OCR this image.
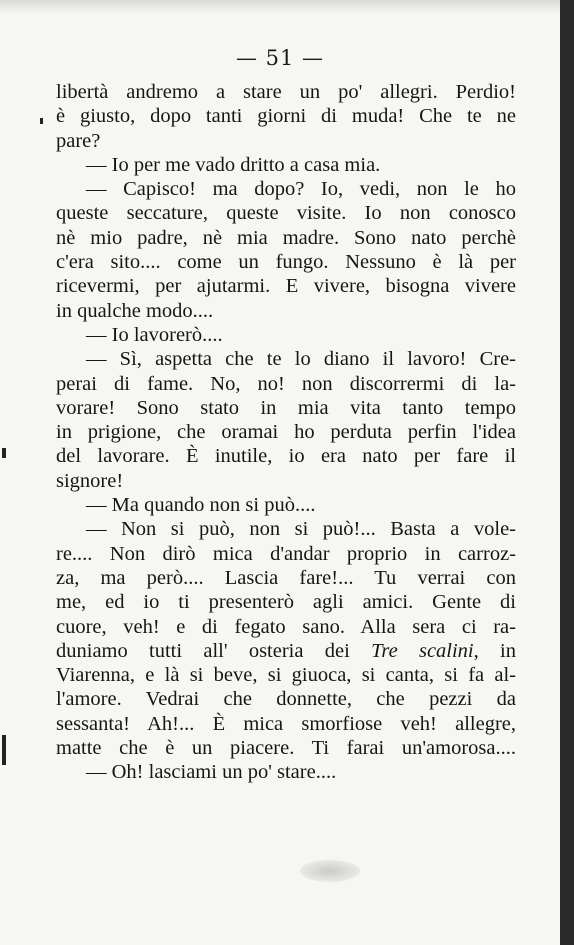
— 51 —
libertà andremo a stare un po' allegri. Perdio!
è giusto, dopo tanti giorni di muda! Che te ne
pare?
— Io per me vado dritto a casa mia.
— Capisco! ma dopo? Io, vedi, non le ho
queste seccature, queste visite. Io non conosco
nè mio padre, nè mia madre. Sono nato perchè
c'era sito.... come un fungo. Nessuno è là per
ricevermi, per ajutarmi. E vivere, bisogna vivere
in qualche modo....
— Io lavorerò....
— Sì, aspetta che te lo diano il lavoro! Cre-
perai di fame. No, no! non discorrermi di la-
vorare! Sono stato in mia vita tanto tempo
in prigione, che oramai ho perduta perfin l'idea
del lavorare. È inutile, io era nato per fare il
signore!
— Ma quando non si può....
— Non si può, non si può!... Basta a vole-
re.... Non dirò mica d'andar proprio in carroz-
za, ma però.... Lascia fare!... Tu verrai con
me, ed io ti presenterò agli amici. Gente di
cuore, veh! e di fegato sano. Alla sera ci ra-
duniamo tutti all' osteria dei Tre scalini, in
Viarenna, e là si beve, si giuoca, si canta, si fa al-
l'amore. Vedrai che donnette, che pezzi da
sessanta! Ah!... È mica smorfiose veh! allegre,
matte che è un piacere. Ti farai un'amorosa....
— Oh! lasciami un po' stare....
